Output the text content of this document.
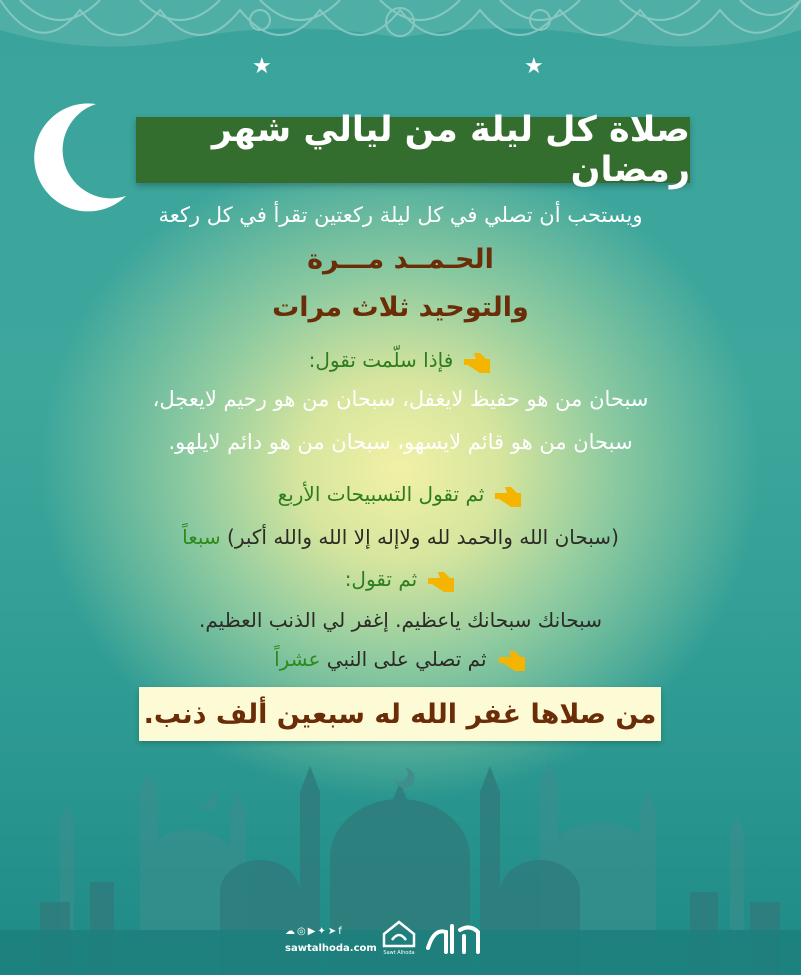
★	★
صلاة كل ليلة من ليالي شهر رمضان
ويستحب أن تصلي في كل ليلة ركعتين تقرأ في كل ركعة
الحـمــد مـــرة
والتوحيد ثلاث مرات
فإذا سلّمت تقول:
سبحان من هو حفيظ لايغفل، سبحان من هو رحيم لايعجل،
سبحان من هو قائم لايسهو، سبحان من هو دائم لايلهو.
ثم تقول التسبيحات الأربع
(سبحان الله والحمد لله ولاإله إلا الله والله أكبر) سبعاً
ثم تقول:
سبحانك سبحانك ياعظيم. إغفر لي الذنب العظيم.
ثم تصلي على النبي عشراً
من صلاها غفر الله له سبعين ألف ذنب.
☁◎▶✦➤f
sawtalhoda.com Sawt Alhoda
